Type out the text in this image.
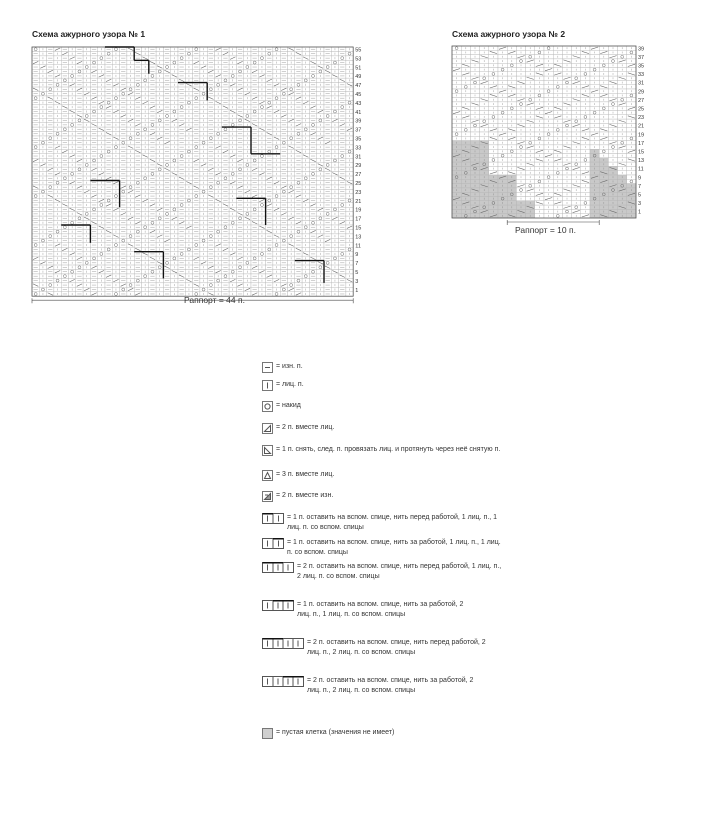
Схема ажурного узора № 1	Схема ажурного узора № 2
55
53
51
49
47
45
43
41
39
37
35
33
31
29
27
25
23
21
19
17
15
13
11
9
7
5
3
1
39
37
35
33
31
29
27
25
23
21
19
17
15
13
11
9
7
5
3
1
Раппорт = 44 п.
Раппорт = 10 п.
= изн. п.
= лиц. п.
= накид
= 2 п. вместе лиц.
= 1 п. снять, след. п. провязать лиц. и протянуть через неё снятую п.
= 3 п. вместе лиц.
= 2 п. вместе изн.
= 1 п. оставить на вспом. спице, нить перед работой, 1 лиц. п., 1 лиц. п. со вспом. спицы
= 1 п. оставить на вспом. спице, нить за работой, 1 лиц. п., 1 лиц. п. со вспом. спицы
= 2 п. оставить на вспом. спице, нить перед работой, 1 лиц. п., 2 лиц. п. со вспом. спицы
= 1 п. оставить на вспом. спице, нить за работой, 2 лиц. п., 1 лиц. п. со вспом. спицы
= 2 п. оставить на вспом. спице, нить перед работой, 2 лиц. п., 2 лиц. п. со вспом. спицы
= 2 п. оставить на вспом. спице, нить за работой, 2 лиц. п., 2 лиц. п. со вспом. спицы
= пустая клетка (значения не имеет)
